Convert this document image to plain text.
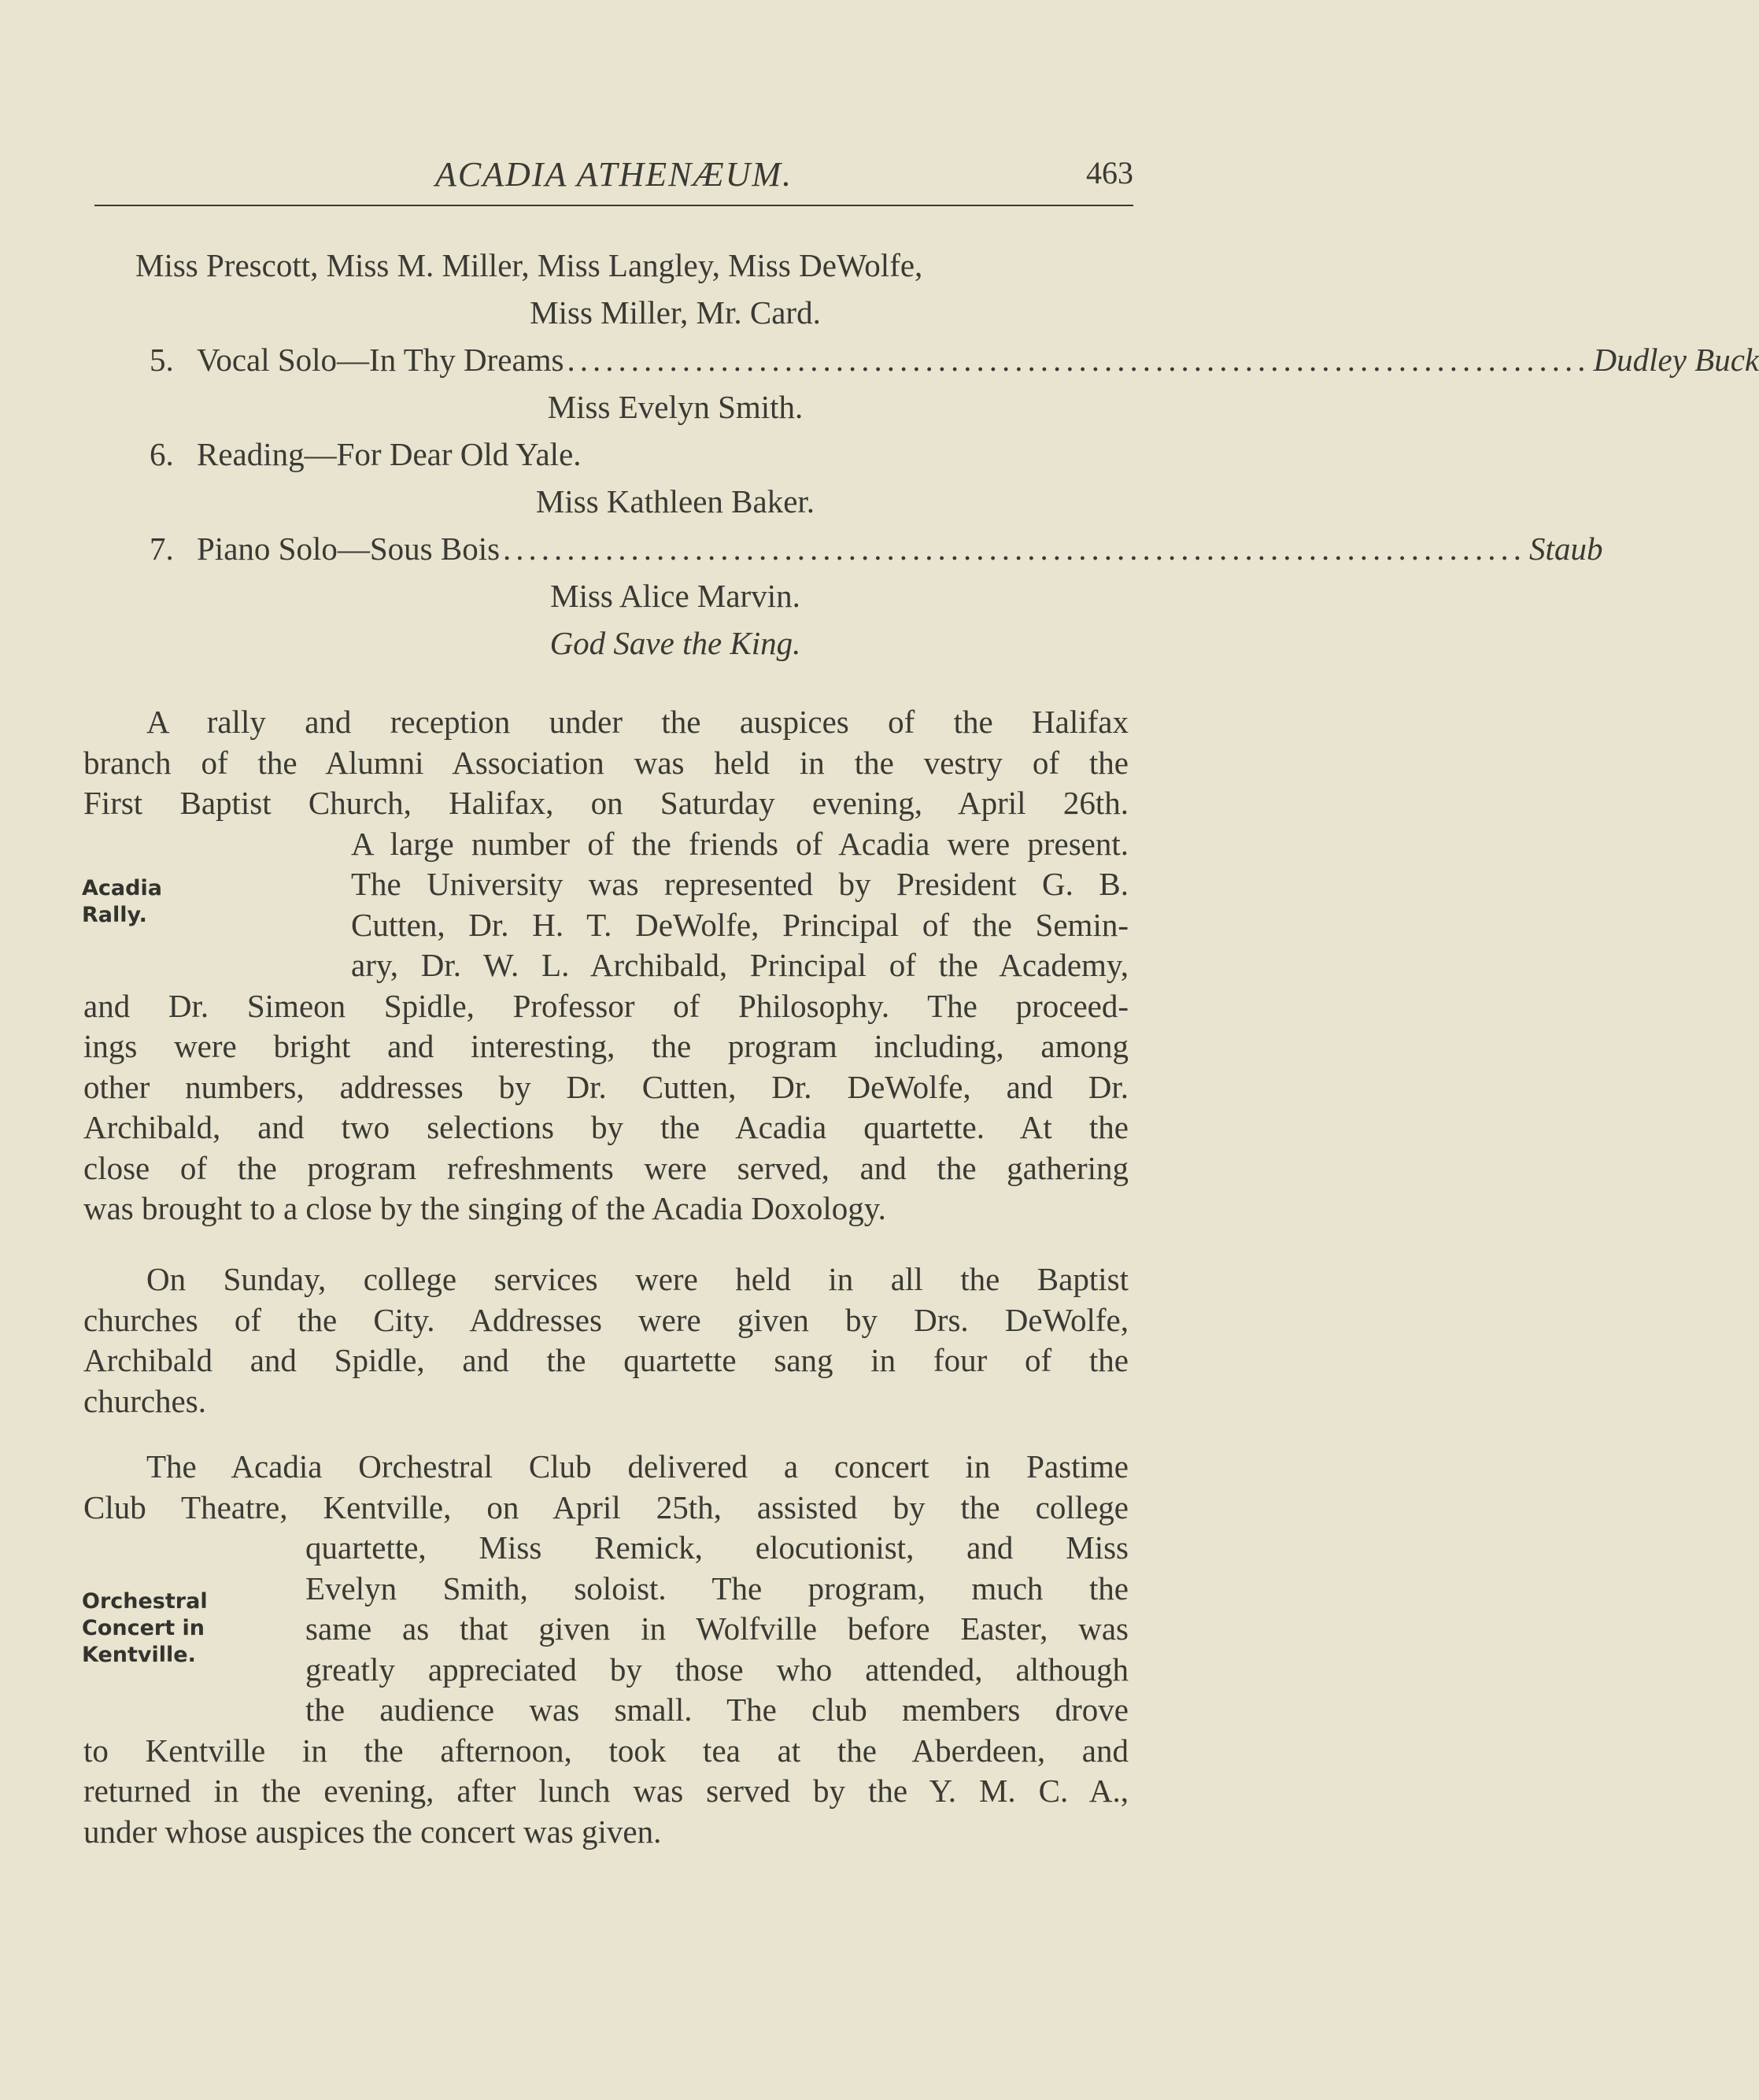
ACADIA ATHENÆUM.	463
Miss Prescott, Miss M. Miller, Miss Langley, Miss DeWolfe,
Miss Miller, Mr. Card.
5. Vocal Solo—In Thy Dreams ................................................................................ Dudley Buck
Miss Evelyn Smith.
6. Reading—For Dear Old Yale.
Miss Kathleen Baker.
7. Piano Solo—Sous Bois ................................................................................ Staub
Miss Alice Marvin.
God Save the King.
Acadia
Rally.
A rally and reception under the auspices of the Halifax
branch of the Alumni Association was held in the vestry of the
First Baptist Church, Halifax, on Saturday evening, April 26th.
A large number of the friends of Acadia were present.
The University was represented by President G. B.
Cutten, Dr. H. T. DeWolfe, Principal of the Semin-
ary, Dr. W. L. Archibald, Principal of the Academy,
and Dr. Simeon Spidle, Professor of Philosophy. The proceed-
ings were bright and interesting, the program including, among
other numbers, addresses by Dr. Cutten, Dr. DeWolfe, and Dr.
Archibald, and two selections by the Acadia quartette. At the
close of the program refreshments were served, and the gathering
was brought to a close by the singing of the Acadia Doxology.
On Sunday, college services were held in all the Baptist
churches of the City. Addresses were given by Drs. DeWolfe,
Archibald and Spidle, and the quartette sang in four of the
churches.
Orchestral
Concert in
Kentville.
The Acadia Orchestral Club delivered a concert in Pastime
Club Theatre, Kentville, on April 25th, assisted by the college
quartette, Miss Remick, elocutionist, and Miss
Evelyn Smith, soloist. The program, much the
same as that given in Wolfville before Easter, was
greatly appreciated by those who attended, although
the audience was small. The club members drove
to Kentville in the afternoon, took tea at the Aberdeen, and
returned in the evening, after lunch was served by the Y. M. C. A.,
under whose auspices the concert was given.
